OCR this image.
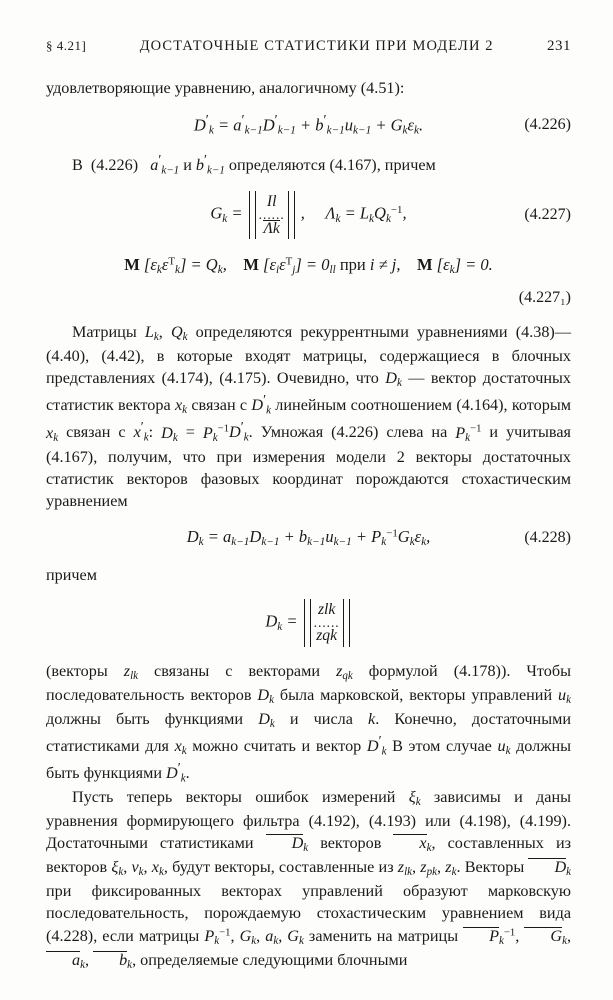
§ 4.21]	ДОСТАТОЧНЫЕ СТАТИСТИКИ ПРИ МОДЕЛИ 2	231

удовлетворяющие уравнению, аналогичному (4.51):

$D'_k = a'_{k-1}D'_{k-1} + b'_{k-1}u_{k-1} + G_k\varepsilon_k$.	(4.226)

В  (4.226)   $a'_{k-1}$ и $b'_{k-1}$ определяются (4.167), причем

$G_k$ =
Il
......
Λk
,     $\Lambda_k = L_kQ_k^{-1}$,	(4.227)
M $[\varepsilon_k\varepsilon^T_k] = Q_k$,    M $[\varepsilon_i\varepsilon^T_j] = 0_{ll}$ при i ≠ j,    M $[\varepsilon_k] = 0$.
(4.227₁)

Матрицы $L_k$, $Q_k$ определяются рекуррентными уравнениями (4.38)—(4.40), (4.42), в которые входят матрицы, содержащиеся в блочных представлениях (4.174), (4.175). Очевидно, что $D_k$ — вектор достаточных статистик вектора $x_k$ связан с $D'_k$ линейным соотношением (4.164), которым $x_k$ связан с $x'_k$: $D_k = P_k^{-1}D'_k$. Умножая (4.226) слева на $P_k^{-1}$ и учитывая (4.167), получим, что при измерения модели 2 векторы достаточных статистик векторов фазовых координат порождаются стохастическим уравнением

$D_k = a_{k-1}D_{k-1} + b_{k-1}u_{k-1} + P_k^{-1}G_k\varepsilon_k$,	(4.228)

причем

$D_k$ =
zlk
......
zqk

(векторы $z_{lk}$ связаны с векторами $z_{qk}$ формулой (4.178)). Чтобы последовательность векторов $D_k$ была марковской, векторы управлений $u_k$ должны быть функциями $D_k$ и числа k. Конечно, достаточными статистиками для $x_k$ можно считать и вектор $D'_k$ В этом случае $u_k$ должны быть функциями $D'_k$.

Пусть теперь векторы ошибок измерений $\xi_k$ зависимы и даны уравнения формирующего фильтра (4.192), (4.193) или (4.198), (4.199). Достаточными статистиками $D_k$ векторов $x_k$, составленных из векторов $\xi_k$, $\nu_k$, $x_k$, будут векторы, составленные из $z_{lk}$, $z_{pk}$, $z_k$. Векторы $D_k$ при фиксированных векторах управлений образуют марковскую последовательность, порождаемую стохастическим уравнением вида (4.228), если матрицы $P_k^{-1}$, $G_k$, $a_k$, $G_k$ заменить на матрицы $P_k^{-1}$, $G_k$, $a_k$, $b_k$, определяемые следующими блочными
